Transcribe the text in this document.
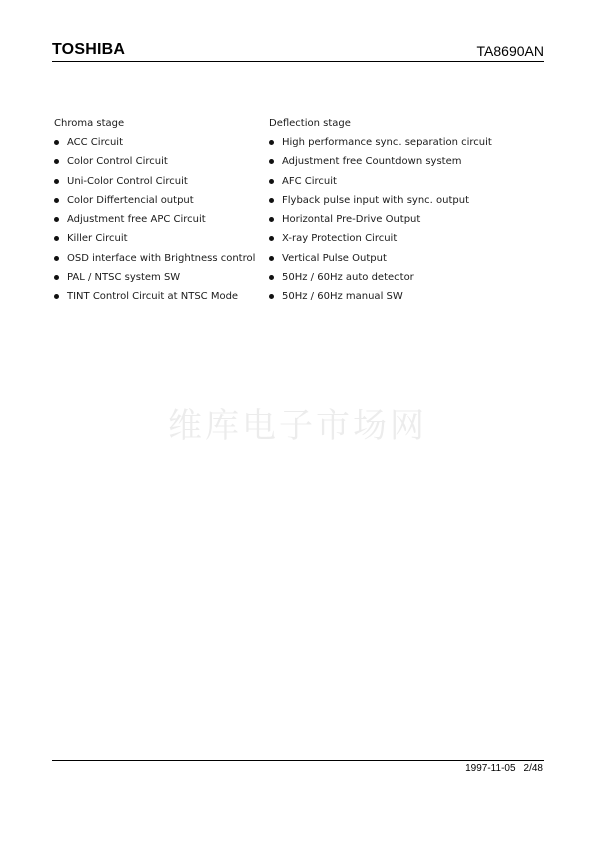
TOSHIBA	TA8690AN
Chroma stage
ACC Circuit
Color Control Circuit
Uni-Color Control Circuit
Color Differtencial output
Adjustment free APC Circuit
Killer Circuit
OSD interface with Brightness control
PAL / NTSC system SW
TINT Control Circuit at NTSC Mode
Deflection stage
High performance sync. separation circuit
Adjustment free Countdown system
AFC Circuit
Flyback pulse input with sync. output
Horizontal Pre-Drive Output
X-ray Protection Circuit
Vertical Pulse Output
50Hz / 60Hz auto detector
50Hz / 60Hz manual SW
维库电子市场网
1997-11-05 2/48
